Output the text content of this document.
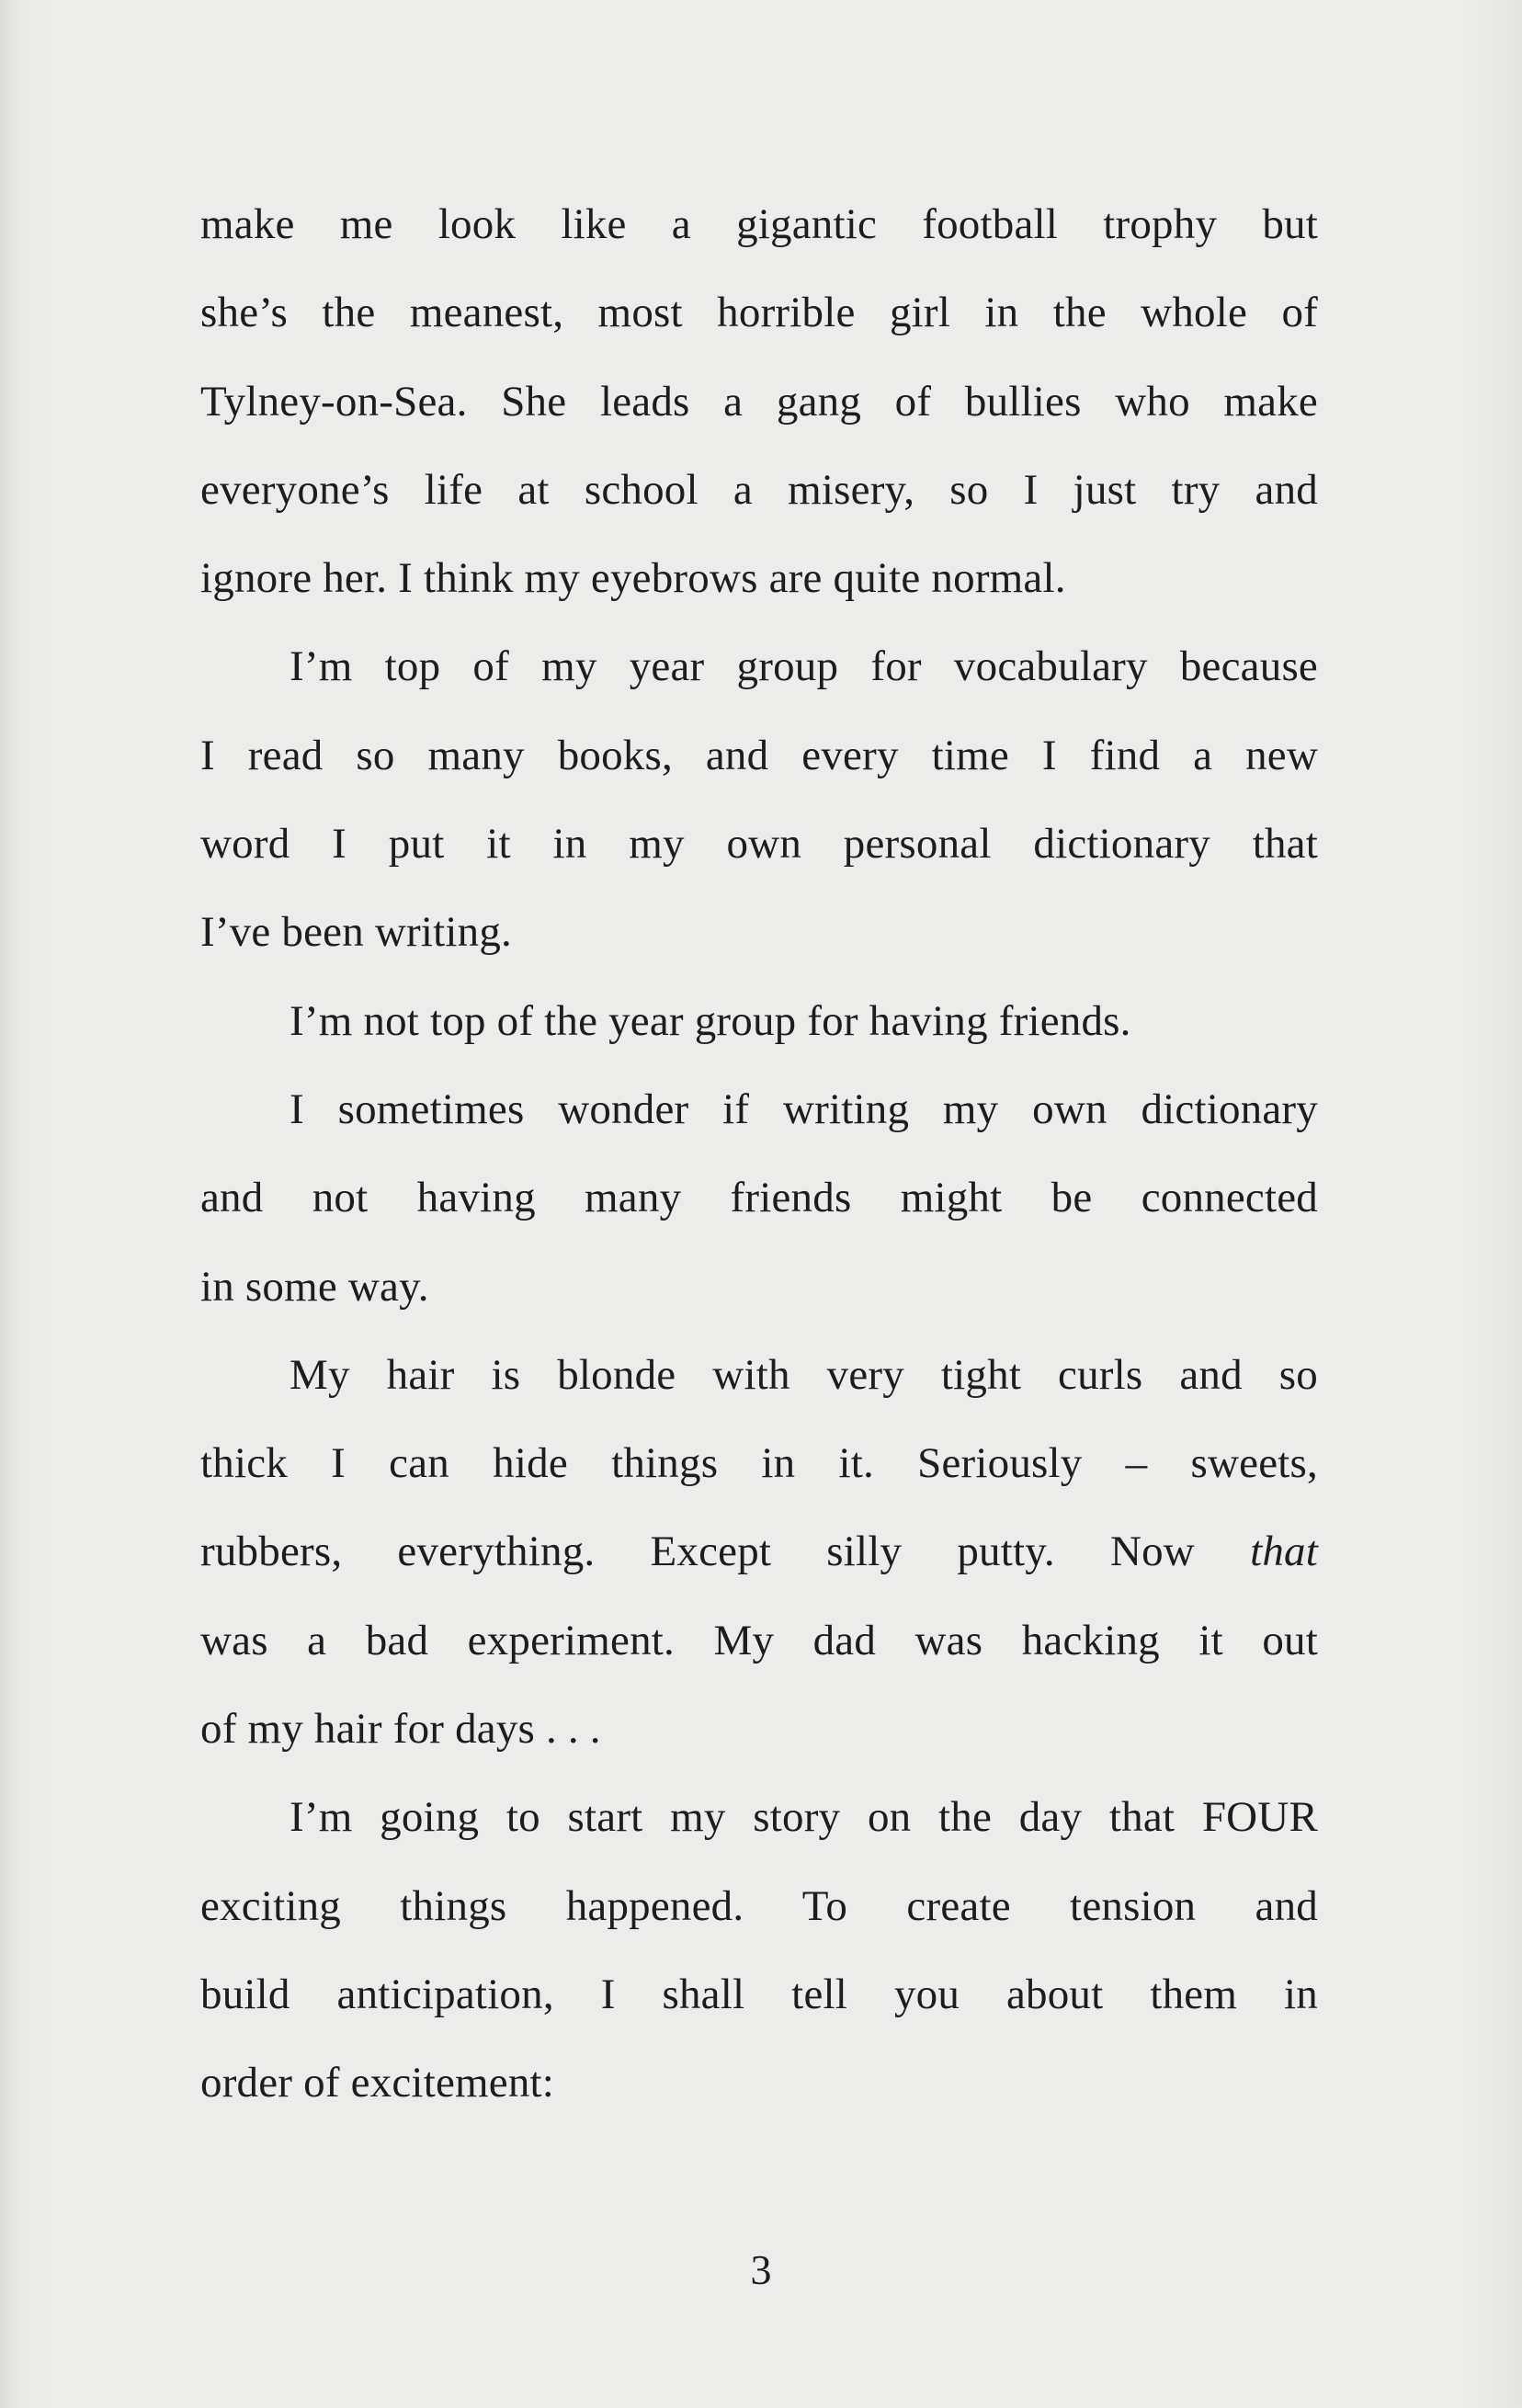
make me look like a gigantic football trophy but
she’s the meanest, most horrible girl in the whole of
Tylney-on-Sea. She leads a gang of bullies who make
everyone’s life at school a misery, so I just try and
ignore her. I think my eyebrows are quite normal.
I’m top of my year group for vocabulary because
I read so many books, and every time I find a new
word I put it in my own personal dictionary that
I’ve been writing.
I’m not top of the year group for having friends.
I sometimes wonder if writing my own dictionary
and not having many friends might be connected
in some way.
My hair is blonde with very tight curls and so
thick I can hide things in it. Seriously – sweets,
rubbers, everything. Except silly putty. Now that
was a bad experiment. My dad was hacking it out
of my hair for days . . .
I’m going to start my story on the day that FOUR
exciting things happened. To create tension and
build anticipation, I shall tell you about them in
order of excitement:
3
